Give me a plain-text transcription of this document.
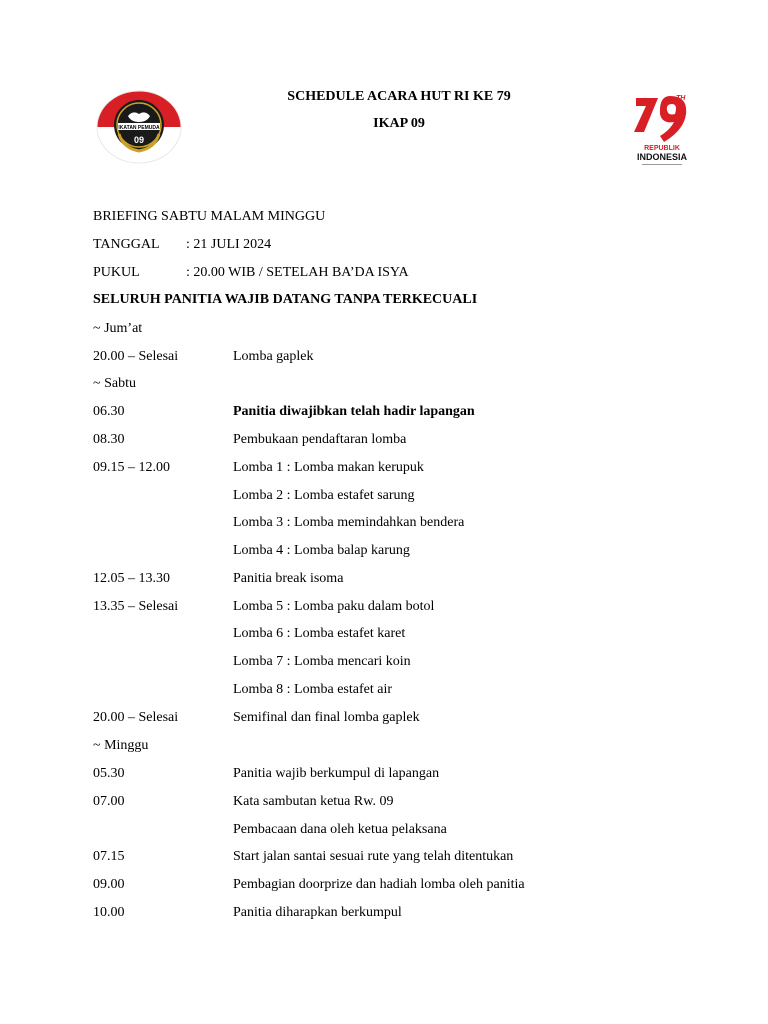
IKATAN PEMUDA
09
SCHEDULE ACARA HUT RI KE 79
IKAP 09
TH
REPUBLIK
INDONESIA
BRIEFING SABTU MALAM MINGGU
TANGGAL : 21 JULI 2024
PUKUL	: 20.00 WIB / SETELAH BA’DA ISYA
SELURUH PANITIA WAJIB DATANG TANPA TERKECUALI
~ Jum’at
20.00 – Selesai	Lomba gaplek
~ Sabtu
06.30	Panitia diwajibkan telah hadir lapangan
08.30	Pembukaan pendaftaran lomba
09.15 – 12.00	Lomba 1 : Lomba makan kerupuk
Lomba 2 : Lomba estafet sarung
Lomba 3 : Lomba memindahkan bendera
Lomba 4 : Lomba balap karung
12.05 – 13.30	Panitia break isoma
13.35 – Selesai	Lomba 5 : Lomba paku dalam botol
Lomba 6 : Lomba estafet karet
Lomba 7 : Lomba mencari koin
Lomba 8 : Lomba estafet air
20.00 – Selesai	Semifinal dan final lomba gaplek
~ Minggu
05.30	Panitia wajib berkumpul di lapangan
07.00	Kata sambutan ketua Rw. 09
Pembacaan dana oleh ketua pelaksana
07.15	Start jalan santai sesuai rute yang telah ditentukan
09.00	Pembagian doorprize dan hadiah lomba oleh panitia
10.00	Panitia diharapkan berkumpul
